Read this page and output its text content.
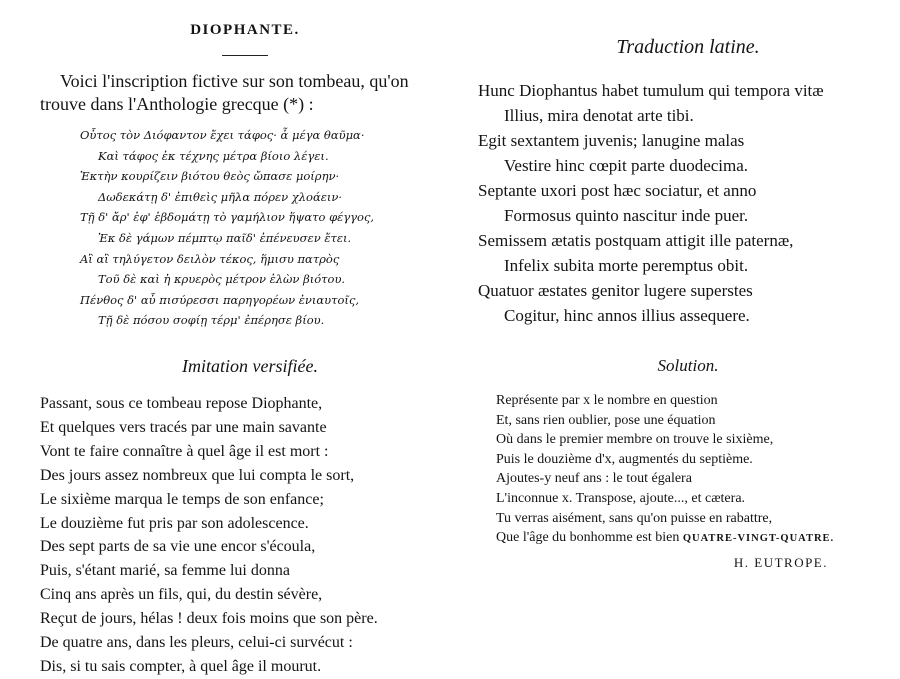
DIOPHANTE.
Voici l'inscription fictive sur son tombeau, qu'on
trouve dans l'Anthologie grecque (*) :
Οὗτος τὸν Διόφαντον ἔχει τάφος· ἆ μέγα θαῦμα·
Καὶ τάφος ἐκ τέχνης μέτρα βίοιο λέγει.
Ἑκτὴν κουρίζειν βιότου θεὸς ὤπασε μοίρην·
Δωδεκάτῃ δ' ἐπιθεὶς μῆλα πόρεν χλοάειν·
Τῇ δ' ἄρ' ἐφ' ἑβδομάτῃ τὸ γαμήλιον ἥψατο φέγγος,
Ἐκ δὲ γάμων πέμπτῳ παῖδ' ἐπένευσεν ἔτει.
Αἲ αἲ τηλύγετον δειλὸν τέκος, ἥμισυ πατρὸς
Τοῦ δὲ καὶ ἡ κρυερὸς μέτρον ἑλὼν βιότου.
Πένθος δ' αὖ πισύρεσσι παρηγορέων ἐνιαυτοῖς,
Τῇ δὲ πόσου σοφίῃ τέρμ' ἐπέρησε βίου.
Traduction latine.
Hunc Diophantus habet tumulum qui tempora vitæ
Illius, mira denotat arte tibi.
Egit sextantem juvenis; lanugine malas
Vestire hinc cœpit parte duodecima.
Septante uxori post hæc sociatur, et anno
Formosus quinto nascitur inde puer.
Semissem ætatis postquam attigit ille paternæ,
Infelix subita morte peremptus obit.
Quatuor æstates genitor lugere superstes
Cogitur, hinc annos illius assequere.
Imitation versifiée.
Passant, sous ce tombeau repose Diophante,
Et quelques vers tracés par une main savante
Vont te faire connaître à quel âge il est mort :
Des jours assez nombreux que lui compta le sort,
Le sixième marqua le temps de son enfance;
Le douzième fut pris par son adolescence.
Des sept parts de sa vie une encor s'écoula,
Puis, s'étant marié, sa femme lui donna
Cinq ans après un fils, qui, du destin sévère,
Reçut de jours, hélas ! deux fois moins que son père.
De quatre ans, dans les pleurs, celui-ci survécut :
Dis, si tu sais compter, à quel âge il mourut.
Solution.
Représente par x le nombre en question
Et, sans rien oublier, pose une équation
Où dans le premier membre on trouve le sixième,
Puis le douzième d'x, augmentés du septième.
Ajoutes-y neuf ans : le tout égalera
L'inconnue x. Transpose, ajoute..., et cætera.
Tu verras aisément, sans qu'on puisse en rabattre,
Que l'âge du bonhomme est bien QUATRE-VINGT-QUATRE.
H. EUTROPE.
